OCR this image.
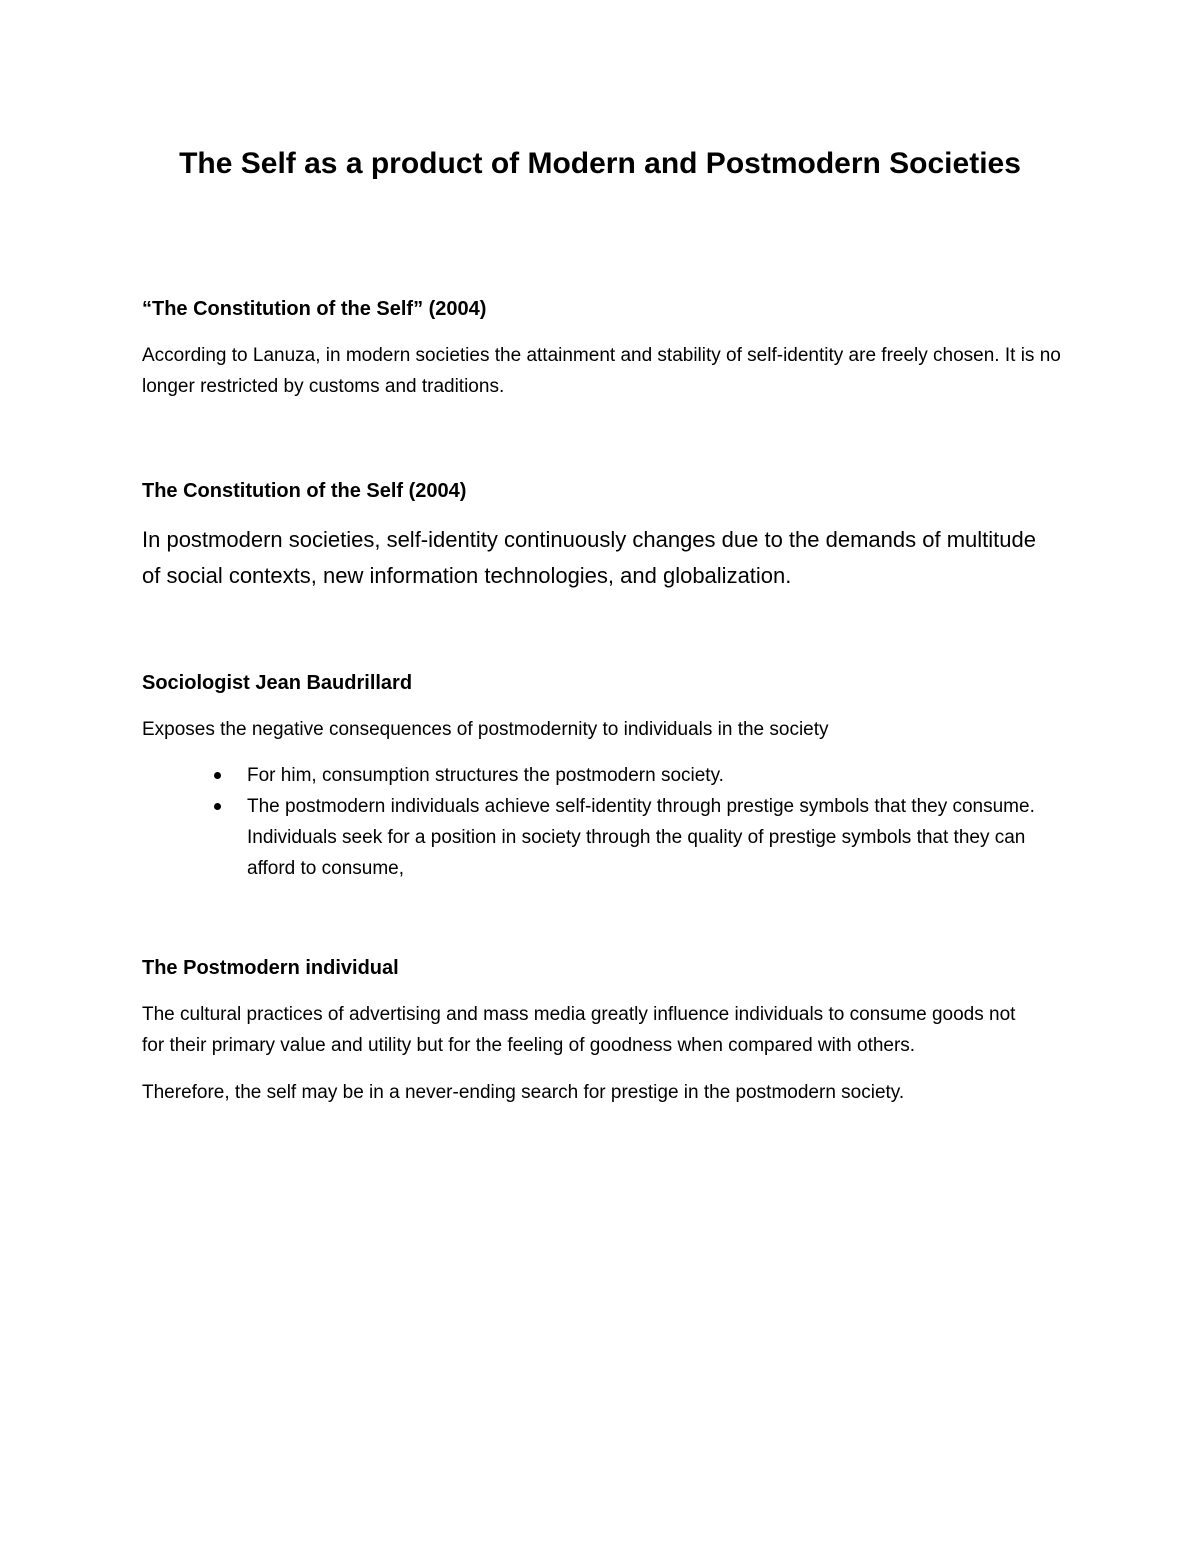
The Self as a product of Modern and Postmodern Societies
“The Constitution of the Self” (2004)

According to Lanuza, in modern societies the attainment and stability of self-identity are freely chosen. It is no longer restricted by customs and traditions.

The Constitution of the Self (2004)

In postmodern societies, self-identity continuously changes due to the demands of multitude of social contexts, new information technologies, and globalization.

Sociologist Jean Baudrillard

Exposes the negative consequences of postmodernity to individuals in the society

For him, consumption structures the postmodern society.
The postmodern individuals achieve self-identity through prestige symbols that they consume. Individuals seek for a position in society through the quality of prestige symbols that they can afford to consume,
The Postmodern individual

The cultural practices of advertising and mass media greatly influence individuals to consume goods not for their primary value and utility but for the feeling of goodness when compared with others.

Therefore, the self may be in a never-ending search for prestige in the postmodern society.
